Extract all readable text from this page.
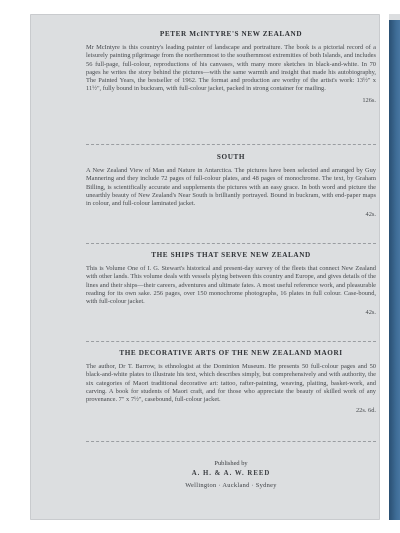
PETER McINTYRE'S NEW ZEALAND

Mr McIntyre is this country's leading painter of landscape and portraiture. The book is a pictorial record of a leisurely painting pilgrimage from the northernmost to the southernmost extremities of both Islands, and includes 56 full-page, full-colour, reproductions of his canvases, with many more sketches in black-and-white. In 70 pages he writes the story behind the pictures—with the same warmth and insight that made his autobiography, The Painted Years, the bestseller of 1962. The format and production are worthy of the artist's work: 13½" x 11½", fully bound in buckram, with full-colour jacket, packed in strong container for mailing.

126s.
SOUTH

A New Zealand View of Man and Nature in Antarctica. The pictures have been selected and arranged by Guy Mannering and they include 72 pages of full-colour plates, and 48 pages of monochrome. The text, by Graham Billing, is scientifically accurate and supplements the pictures with an easy grace. In both word and picture the unearthly beauty of New Zealand's Near South is brilliantly portrayed. Bound in buckram, with end-paper maps in colour, and full-colour laminated jacket.

42s.
THE SHIPS THAT SERVE NEW ZEALAND

This is Volume One of I. G. Stewart's historical and present-day survey of the fleets that connect New Zealand with other lands. This volume deals with vessels plying between this country and Europe, and gives details of the lines and their ships—their careers, adventures and ultimate fates. A most useful reference work, and pleasurable reading for its own sake. 256 pages, over 150 monochrome photographs, 16 plates in full colour. Case-bound, with full-colour jacket.

42s.
THE DECORATIVE ARTS OF THE NEW ZEALAND MAORI

The author, Dr T. Barrow, is ethnologist at the Dominion Museum. He presents 50 full-colour pages and 50 black-and-white plates to illustrate his text, which describes simply, but comprehensively and with authority, the six categories of Maori traditional decorative art: tattoo, rafter-painting, weaving, plaiting, basket-work, and carving. A book for students of Maori craft, and for those who appreciate the beauty of skilled work of any provenance. 7" x 7½", casebound, full-colour jacket.

22s. 6d.
Published by
A. H. & A. W. REED
Wellington · Auckland · Sydney
